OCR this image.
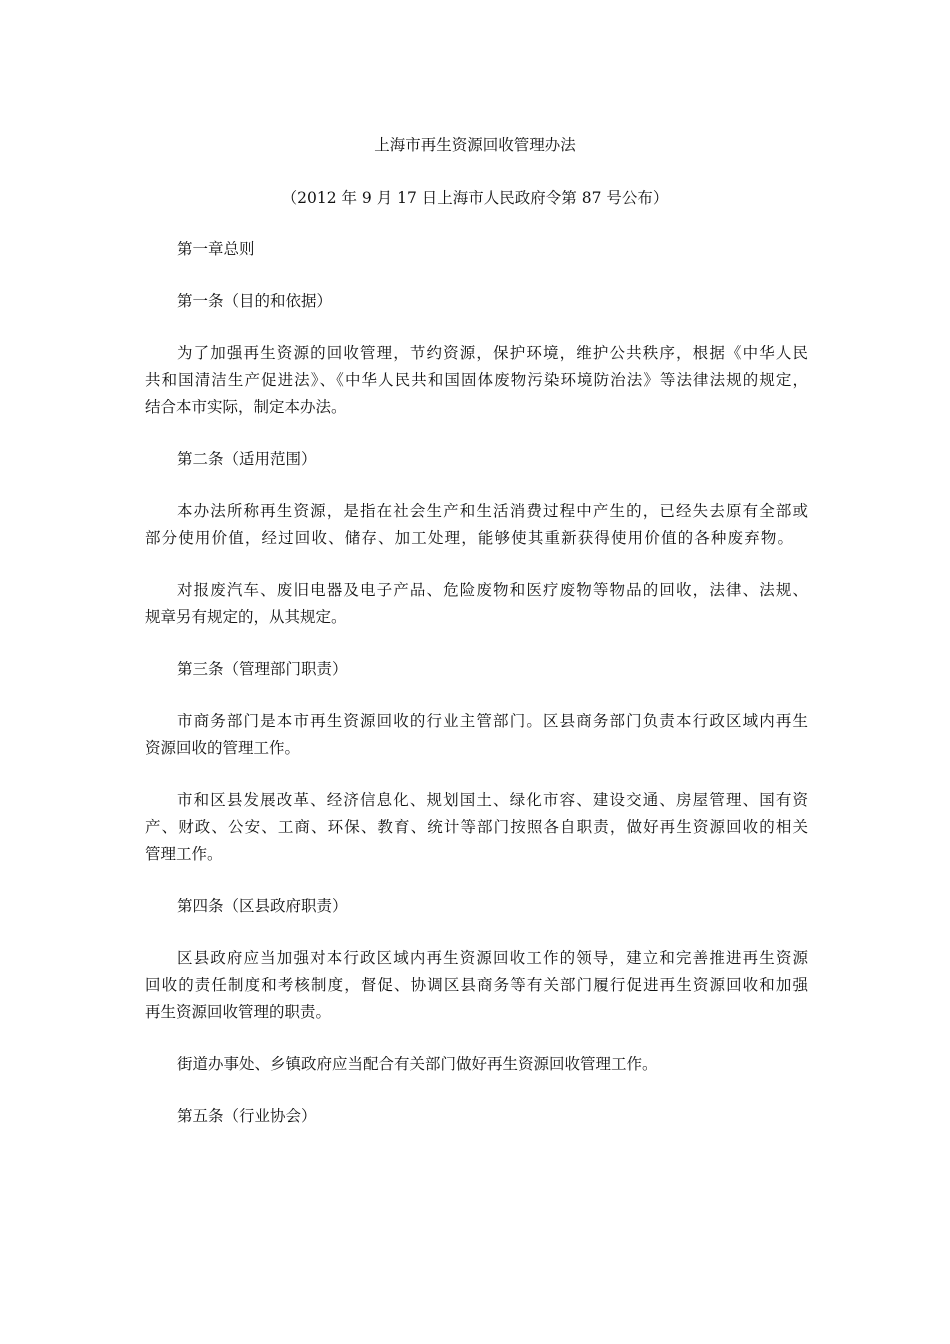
上海市再生资源回收管理办法
（2012 年 9 月 17 日上海市人民政府令第 87 号公布）
第一章总则
第一条（目的和依据）
为了加强再生资源的回收管理，节约资源，保护环境，维护公共秩序，根据《中华人民
共和国清洁生产促进法》、《中华人民共和国固体废物污染环境防治法》等法律法规的规定，
结合本市实际，制定本办法。
第二条（适用范围）
本办法所称再生资源，是指在社会生产和生活消费过程中产生的，已经失去原有全部或
部分使用价值，经过回收、储存、加工处理，能够使其重新获得使用价值的各种废弃物。
对报废汽车、废旧电器及电子产品、危险废物和医疗废物等物品的回收，法律、法规、
规章另有规定的，从其规定。
第三条（管理部门职责）
市商务部门是本市再生资源回收的行业主管部门。区县商务部门负责本行政区域内再生
资源回收的管理工作。
市和区县发展改革、经济信息化、规划国土、绿化市容、建设交通、房屋管理、国有资
产、财政、公安、工商、环保、教育、统计等部门按照各自职责，做好再生资源回收的相关
管理工作。
第四条（区县政府职责）
区县政府应当加强对本行政区域内再生资源回收工作的领导，建立和完善推进再生资源
回收的责任制度和考核制度，督促、协调区县商务等有关部门履行促进再生资源回收和加强
再生资源回收管理的职责。
街道办事处、乡镇政府应当配合有关部门做好再生资源回收管理工作。
第五条（行业协会）
